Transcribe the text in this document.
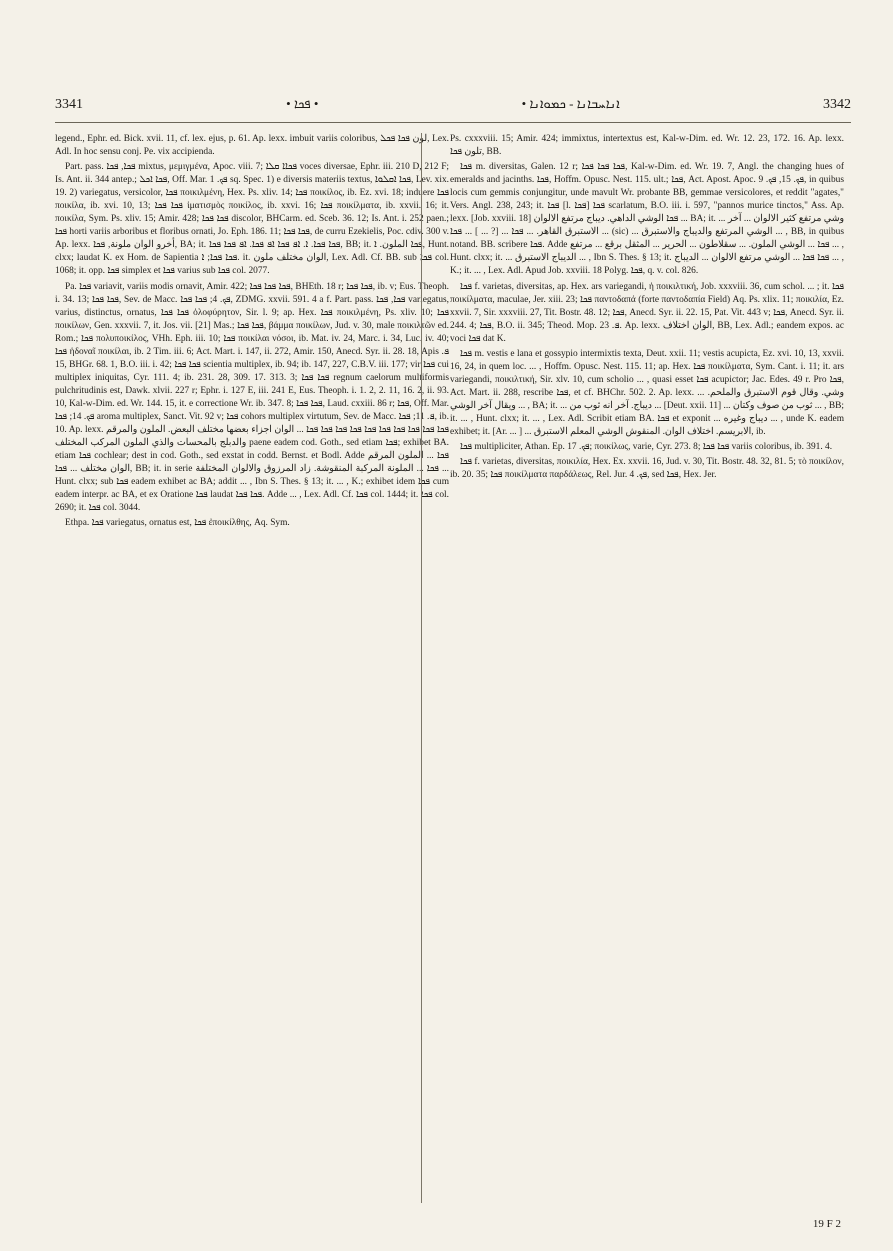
3341	• ܦܟܐ •	• ܐܢܐܚܒܐܢܐ - ܟܡܘܐܢܐ	3342

legend., Ephr. ed. Bick. xvii. 11, cf. lex. ejus, p. 61. Ap. lexx. imbuit variis coloribus, لون ܦܟܐ ܦܟܠ, Lex. Adl. In hoc sensu conj. Pe. vix accipienda.

Part. pass. ܦܟܐ, ܦܟܐ mixtus, μεμιγμένα, Apoc. viii. 7; ܦܟܐܐ ܩܠܐ voces diversae, Ephr. iii. 210 D, 212 F; Is. Ant. ii. 344 antep.; ܦܟܐ ܐܟܠ, Off. Mar. ܦܟ. 1 sq. Spec. 1) e diversis materiis textus, ܦܟܐ ܐܩܠܘܐ, Lev. xix. 19. 2) variegatus, versicolor, ܦܟܐ ποικιλμένη, Hex. Ps. xliv. 14; ܦܟܐ ποικίλος, ib. Ez. xvi. 18; induere ܦܟܐ ποικίλα, ib. xvi. 10, 13; ܦܟܐ ܦܟܐ ἱματισμὸς ποικίλος, ib. xxvi. 16; ܦܟܐ ποικίλματα, ib. xxvii. 16; it. ποικίλα, Sym. Ps. xliv. 15; Amir. 428; ܦܟܐ ܦܟܐ discolor, BHCarm. ed. Sceb. 36. 12; Is. Ant. i. 252 paen.; ܦܟܐ horti variis arboribus et floribus ornati, Jo. Eph. 186. 11; ܦܟܐ ܦܟܐ, de curru Ezekielis, Poc. cdiv. 300 v. Ap. lexx. أخرو الوان ملونة, ܦܟܐ, BA; it. ܦܟܐ ܦܟܐ. ܐ. ܐܦ ܦܟܐ ܐܦ ܦܟܐ. ܐܦ ܦܟܐ ܦܟܐ, BB; it. ܦܟܐ الملون. ܐ, Hunt. clxx; laudat K. ex Hom. de Sapientia ܦܟܐ ܦܟܐ; ܐ. it. الوان مختلف ملون, Lex. Adl. Cf. BB. sub ܦܟܐ col. 1068; it. opp. ܦܟܐ simplex et ܦܟܐ varius sub ܦܟܐ col. 2077.

Pa. ܦܟܐ variavit, variis modis ornavit, Amir. 422; ܦܟܐ ܦܟܐ ܦܟܐ, BHEth. 18 r; ܦܟܐ ܦܟܐ, ib. v; Eus. Theoph. i. 34. 13; ܦܟܐ ܦܟܐ, Sev. de Macc. ܦܟ. 4; ܦܟܐ ܦܟܐ, ZDMG. xxvii. 591. 4 a f. Part. pass. ܦܟܐ, ܦܟܐ variegatus, varius, distinctus, ornatus, ܦܟܐ ܦܟܐ ὀλοφύρητον, Sir. l. 9; ap. Hex. ܦܟܐ ποικιλμένη, Ps. xliv. 10; ܦܟܐ ποικίλων, Gen. xxxvii. 7, it. Jos. vii. [21] Mas.; ܦܟܐ ܦܟܐ, βάμμα ποικίλων, Jud. v. 30, male ποικιλτῶν ed. Rom.; ܦܟܐ πολυποικίλος, VHh. Eph. iii. 10; ܦܟܐ ποικίλαι νόσοι, ib. Mat. iv. 24, Marc. i. 34, Luc. iv. 40; ܦܟܐ ἡδοναῖ ποικίλαι, ib. 2 Tim. iii. 6; Act. Mart. i. 147, ii. 272, Amir. 150, Anecd. Syr. ii. 28. 18, Apis ܦ. 15, BHGr. 68. 1, B.O. iii. i. 42; ܦܟܐ ܦܟܐ scientia multiplex, ib. 94; ib. 147, 227, C.B.V. iii. 177; vir ܦܟܐ cui multiplex iniquitas, Cyr. 111. 4; ib. 231. 28, 309. 17. 313. 3; ܦܟܐ ܦܟܐ regnum caelorum multiformis pulchritudinis est, Dawk. xlvii. 227 r; Ephr. i. 127 E, iii. 241 E, Eus. Theoph. i. 1. 2, 2. 11, 16. 2, ii. 93. 10, Kal-w-Dim. ed. Wr. 144. 15, it. e correctione Wr. ib. 347. 8; ܦܟܐ ܦܟܐ, Laud. cxxiii. 86 r; ܦܟܐ, Off. Mar. ܦܟ. 14; ܦܟܐ aroma multiplex, Sanct. Vit. 92 v; ܦܟܐ cohors multiplex virtutum, Sev. de Macc. ܦ. 11; ܦܟܐ, ib. 10. Ap. lexx. ܦܟܐ ܦܟܐ ܦܟܐ ܦܟܐ ܦܟܐ ܦܟܐ ܦܟܐ ܦܟܐ ܦܟܐ ܦܟܐ ... الوان اجزاء بعضها مختلف البعض. الملون والمرقم والدبلج بالمحسات والذي الملون المركب المختلف paene eadem cod. Goth., sed etiam ܦܟܐ; exhibet BA. etiam ܦܟܐ cochlear; dest in cod. Goth., sed exstat in codd. Bernst. et Bodl. Adde ܦܟܐ ... الملون المرقم الوان مختلف ... ܦܟܐ, BB; it. in serie ܦܟܐ ... الملونة المركبة المنقوشة. زاد المرزوق والالوان المختلفة ... Hunt. clxx; sub ܦܟܐ eadem exhibet ac BA; addit ... , Ibn S. Thes. § 13; it. ... , K.; exhibet idem ܦܟܐ cum eadem interpr. ac BA, et ex Oratione ܦܟܐ laudat ܦܟܐ ܦܟܐ. Adde ... , Lex. Adl. Cf. ܦܟܐ col. 1444; it. ܦܟܐ col. 2690; it. ܦܟܐ col. 3044.

Ethpa. ܦܟܐ variegatus, ornatus est, ܦܟܐ ἐποικίλθης, Aq. Sym.

Ps. cxxxviii. 15; Amir. 424; immixtus, intertextus est, Kal-w-Dim. ed. Wr. 12. 23, 172. 16. Ap. lexx. تلون ܦܟܐ, BB.

ܦܟܐ m. diversitas, Galen. 12 r; ܦܟܐ ܦܟܐ ܦܟܐ, Kal-w-Dim. ed. Wr. 19. 7, Angl. the changing hues of emeralds and jacinths. ܦܟܐ, Hoffm. Opusc. Nest. 115. ult.; ܦܟܐ, Act. Apost. Apoc. ܦܟ. 15, ܦܟ. 9, in quibus locis cum gemmis conjungitur, unde mavult Wr. probante BB, gemmae versicolores, et reddit "agates," Vers. Angl. 238, 243; it. ܦܟܐ [l. ܦܟܐ] ܦܟܐ scarlatum, B.O. iii. i. 597, "pannos murice tinctos," Ass. Ap. lexx. [Job. xxviii. 18] ܦܟܐ الوشي الداهي. ديباج مرتفع الالوان ... BA; it. ... وشي مرتفع كثير الالوان ... آخر الاستبرق القاهر. ... ܦܟܐ ... [? ... ] ... ܦܟܐ ... (sic) ... الوشي المرتفع والديباج والاستبرق ... , BB, in quibus notand. BB. scribere ܦܟܐ. Adde ܦܟܐ ... الوشي الملون. ... سقلاطون ... الحرير ... المثقل برقع ... مرتفع ... , Hunt. clxx; it. ... الديباج الاستبرق ... , Ibn S. Thes. § 13; it. ܦܟܐ ܦܟܐ ... الوشي مرتفع الالوان ... الديباج ... , K.; it. ... , Lex. Adl. Apud Job. xxviii. 18 Polyg. ܦܟܐ, q. v. col. 826.

ܦܟܐ f. varietas, diversitas, ap. Hex. ars variegandi, ἡ ποικιλτική, Job. xxxviii. 36, cum schol. ... ; it. ܦܟܐ ποικίλματα, maculae, Jer. xiii. 23; ܦܟܐ παντοδαπά (forte παντοδαπία Field) Aq. Ps. xlix. 11; ποικιλία, Ez. xxvii. 7, Sir. xxxviii. 27, Tit. Bostr. 48. 12; ܦܟܐ, Anecd. Syr. ii. 22. 15, Pat. Vit. 443 v; ܦܟܐ, Anecd. Syr. ii. 244. 4; ܦܟܐ, B.O. ii. 345; Theod. Mop. ܦ. 23. Ap. lexx. الوان اختلاف, BB, Lex. Adl.; eandem expos. ac voci ܦܟܐ dat K.

ܦܟܐ m. vestis e lana et gossypio intermixtis texta, Deut. xxii. 11; vestis acupicta, Ez. xvi. 10, 13, xxvii. 16, 24, in quem loc. ... , Hoffm. Opusc. Nest. 115. 11; ap. Hex. ܦܟܐ ποικίλματα, Sym. Cant. i. 11; it. ars variegandi, ποικιλτική, Sir. xlv. 10, cum scholio ... , quasi esset ܦܟܐ acupictor; Jac. Edes. 49 r. Pro ܦܟܐ, Act. Mart. ii. 288, rescribe ܦܟܐ, et cf. BHChr. 502. 2. Ap. lexx. ... وشي. وقال قوم الاستبرق والملحم. ويقال آخر الوشي ... , BA; it. ... ديباج. آخر انه ثوب من ... [Deut. xxii. 11] ... ثوب من صوف وكتان ... , BB; it. ... , Hunt. clxx; it. ... , Lex. Adl. Scribit etiam BA. ܦܟܐ et exponit ... ديباج وغيره ... , unde K. eadem exhibet; it. [Ar. ... ] ... الابريسم. اختلاف الوان. المنقوش الوشي المعلم الاستبرق, ib.

ܦܟܐ multipliciter, Athan. Ep. ܦܟ. 17; ποικίλως, varie, Cyr. 273. 8; ܦܟܐ ܦܟܐ variis coloribus, ib. 391. 4.

ܦܟܐ f. varietas, diversitas, ποικιλία, Hex. Ex. xxvii. 16, Jud. v. 30, Tit. Bostr. 48. 32, 81. 5; τὸ ποικίλον, ib. 20. 35; ܦܟܐ ποικίλματα παρδάλεως, Rel. Jur. ܦܟ. 4, sed ܦܟܐ, Hex. Jer.

19 F 2
